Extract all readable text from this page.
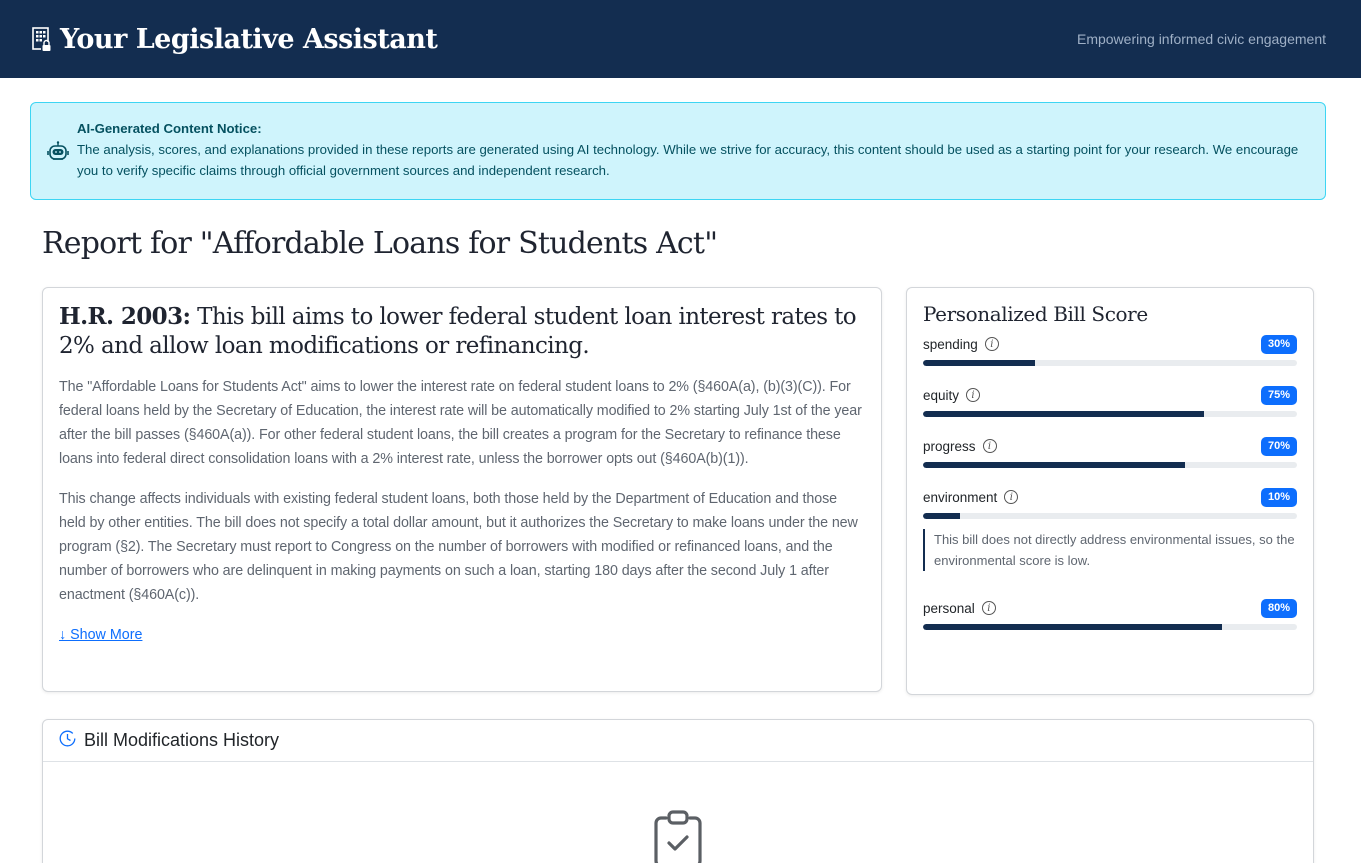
Your Legislative Assistant	Empowering informed civic engagement
AI-Generated Content Notice:
The analysis, scores, and explanations provided in these reports are generated using AI technology. While we strive for accuracy, this content should be used as a starting point for your research. We encourage you to verify specific claims through official government sources and independent research.
Report for "Affordable Loans for Students Act"
H.R. 2003: This bill aims to lower federal student loan interest rates to 2% and allow loan modifications or refinancing.

The "Affordable Loans for Students Act" aims to lower the interest rate on federal student loans to 2% (§460A(a), (b)(3)(C)). For federal loans held by the Secretary of Education, the interest rate will be automatically modified to 2% starting July 1st of the year after the bill passes (§460A(a)). For other federal student loans, the bill creates a program for the Secretary to refinance these loans into federal direct consolidation loans with a 2% interest rate, unless the borrower opts out (§460A(b)(1)).

This change affects individuals with existing federal student loans, both those held by the Department of Education and those held by other entities. The bill does not specify a total dollar amount, but it authorizes the Secretary to make loans under the new program (§2). The Secretary must report to Congress on the number of borrowers with modified or refinanced loans, and the number of borrowers who are delinquent in making payments on such a loan, starting 180 days after the second July 1 after enactment (§460A(c)).

↓ Show More
Personalized Bill Score
spending	i	30%
equity	i	75%
progress	i	70%
environment	i	10%
This bill does not directly address environmental issues, so the environmental score is low.
personal	i	80%
Bill Modifications History
